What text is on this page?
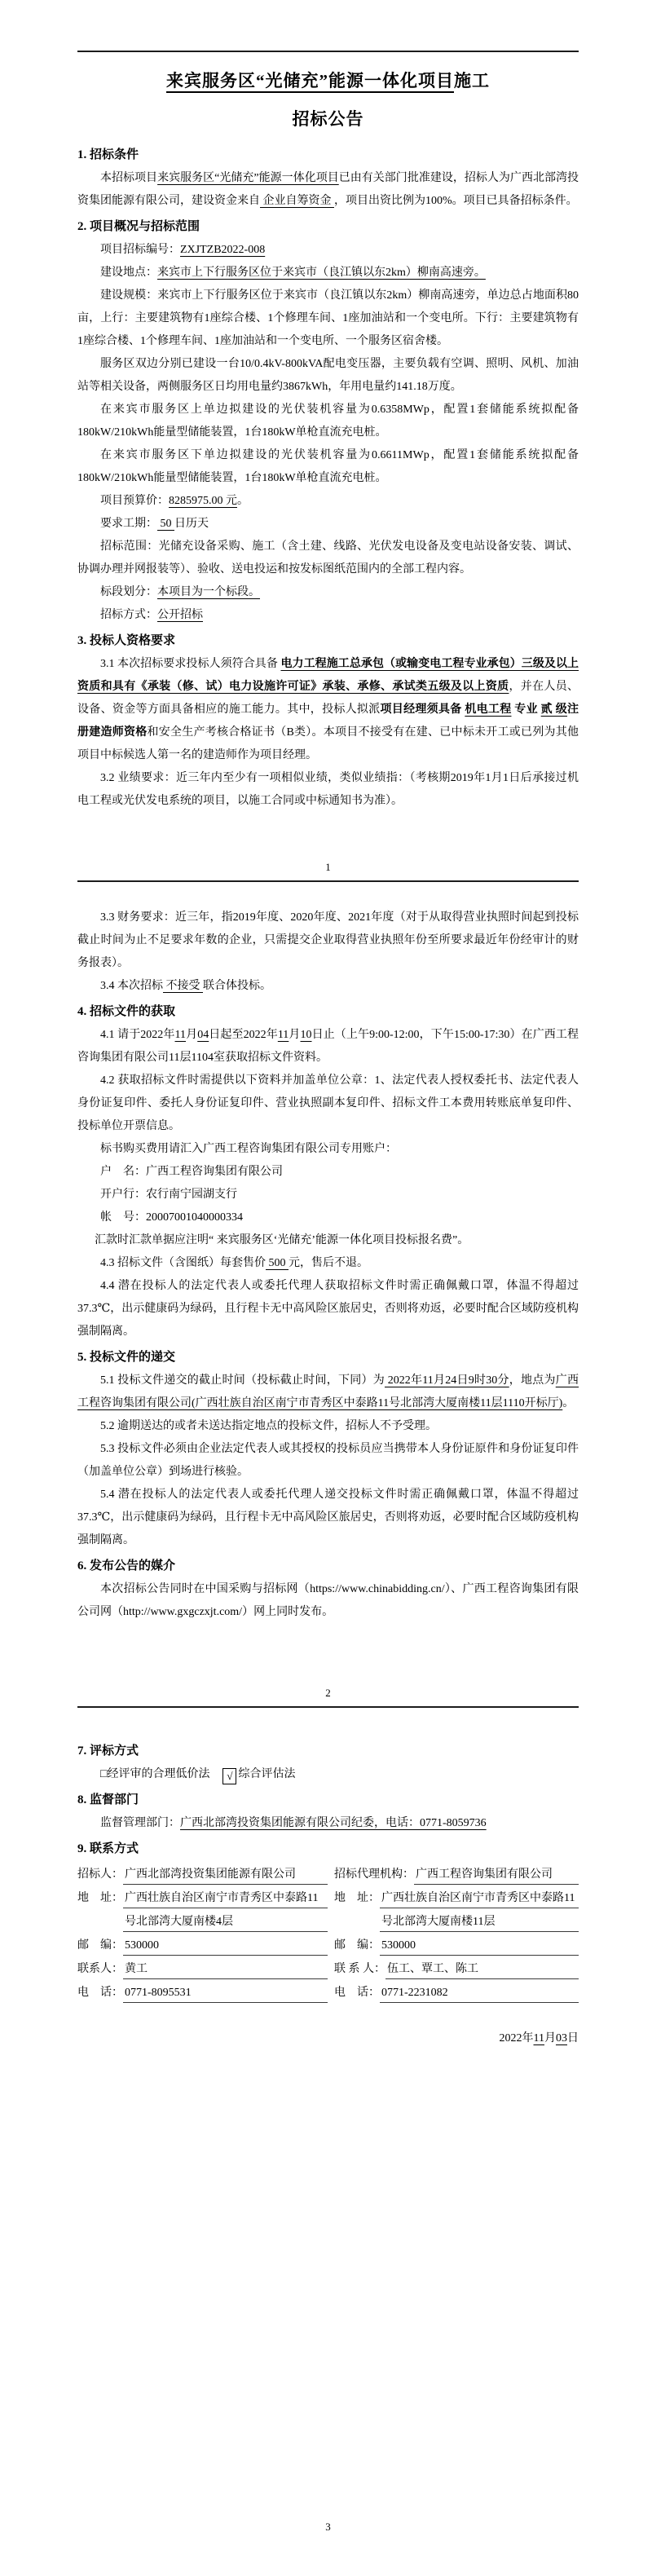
来宾服务区“光储充”能源一体化项目施工
招标公告
1. 招标条件
本招标项目来宾服务区“光储充”能源一体化项目已由有关部门批准建设，招标人为广西北部湾投资集团能源有限公司，建设资金来自 企业自筹资金 ，项目出资比例为100%。项目已具备招标条件。
2. 项目概况与招标范围
项目招标编号：ZXJTZB2022-008
建设地点：来宾市上下行服务区位于来宾市（良江镇以东2km）柳南高速旁。
建设规模：来宾市上下行服务区位于来宾市（良江镇以东2km）柳南高速旁，单边总占地面积80亩，上行：主要建筑物有1座综合楼、1个修理车间、1座加油站和一个变电所。下行：主要建筑物有1座综合楼、1个修理车间、1座加油站和一个变电所、一个服务区宿舍楼。
服务区双边分别已建设一台10/0.4kV-800kVA配电变压器，主要负载有空调、照明、风机、加油站等相关设备，两侧服务区日均用电量约3867kWh，年用电量约141.18万度。
在来宾市服务区上单边拟建设的光伏装机容量为0.6358MWp，配置1套储能系统拟配备180kW/210kWh能量型储能装置，1台180kW单枪直流充电桩。
在来宾市服务区下单边拟建设的光伏装机容量为0.6611MWp，配置1套储能系统拟配备180kW/210kWh能量型储能装置，1台180kW单枪直流充电桩。
项目预算价：8285975.00 元。
要求工期： 50 日历天
招标范围：光储充设备采购、施工（含土建、线路、光伏发电设备及变电站设备安装、调试、协调办理并网报装等）、验收、送电投运和按发标图纸范围内的全部工程内容。
标段划分：本项目为一个标段。
招标方式：公开招标
3. 投标人资格要求
3.1 本次招标要求投标人须符合具备 电力工程施工总承包（或输变电工程专业承包）三级及以上资质和具有《承装（修、试）电力设施许可证》承装、承修、承试类五级及以上资质，并在人员、设备、资金等方面具备相应的施工能力。其中，投标人拟派项目经理须具备 机电工程 专业 贰 级注册建造师资格和安全生产考核合格证书（B类）。本项目不接受有在建、已中标未开工或已列为其他项目中标候选人第一名的建造师作为项目经理。
3.2 业绩要求：近三年内至少有一项相似业绩，类似业绩指：（考核期2019年1月1日后承接过机电工程或光伏发电系统的项目，以施工合同或中标通知书为准）。
1
3.3 财务要求：近三年，指2019年度、2020年度、2021年度（对于从取得营业执照时间起到投标截止时间为止不足要求年数的企业，只需提交企业取得营业执照年份至所要求最近年份经审计的财务报表）。
3.4 本次招标 不接受 联合体投标。
4. 招标文件的获取
4.1 请于2022年11月04日起至2022年11月10日止（上午9:00-12:00，下午15:00-17:30）在广西工程咨询集团有限公司11层1104室获取招标文件资料。
4.2 获取招标文件时需提供以下资料并加盖单位公章：1、法定代表人授权委托书、法定代表人身份证复印件、委托人身份证复印件、营业执照副本复印件、招标文件工本费用转账底单复印件、投标单位开票信息。
标书购买费用请汇入广西工程咨询集团有限公司专用账户：
户　名：广西工程咨询集团有限公司
开户行：农行南宁园湖支行
帐　号：20007001040000334
汇款时汇款单据应注明“ 来宾服务区‘光储充’能源一体化项目投标报名费”。
4.3 招标文件（含图纸）每套售价 500 元，售后不退。
4.4 潜在投标人的法定代表人或委托代理人获取招标文件时需正确佩戴口罩，体温不得超过37.3℃，出示健康码为绿码，且行程卡无中高风险区旅居史，否则将劝返，必要时配合区域防疫机构强制隔离。
5. 投标文件的递交
5.1 投标文件递交的截止时间（投标截止时间，下同）为 2022年11月24日9时30分，地点为广西工程咨询集团有限公司(广西壮族自治区南宁市青秀区中泰路11号北部湾大厦南楼11层1110开标厅)。
5.2 逾期送达的或者未送达指定地点的投标文件，招标人不予受理。
5.3 投标文件必须由企业法定代表人或其授权的投标员应当携带本人身份证原件和身份证复印件（加盖单位公章）到场进行核验。
5.4 潜在投标人的法定代表人或委托代理人递交投标文件时需正确佩戴口罩，体温不得超过37.3℃，出示健康码为绿码，且行程卡无中高风险区旅居史，否则将劝返，必要时配合区域防疫机构强制隔离。
6. 发布公告的媒介
本次招标公告同时在中国采购与招标网（https://www.chinabidding.cn/）、广西工程咨询集团有限公司网（http://www.gxgczxjt.com/）网上同时发布。
2
7. 评标方式
□经评审的合理低价法　 √ 综合评估法
8. 监督部门
监督管理部门：广西北部湾投资集团能源有限公司纪委，电话：0771-8059736
9. 联系方式
招标人： 广西北部湾投资集团能源有限公司
地　址： 广西壮族自治区南宁市青秀区中泰路11号北部湾大厦南楼4层
邮　编： 530000
联系人： 黄工
电　话： 0771-8095531
招标代理机构： 广西工程咨询集团有限公司
地　址： 广西壮族自治区南宁市青秀区中泰路11号北部湾大厦南楼11层
邮　编： 530000
联 系 人： 伍工、覃工、陈工
电　话： 0771-2231082
2022年11月03日
3
